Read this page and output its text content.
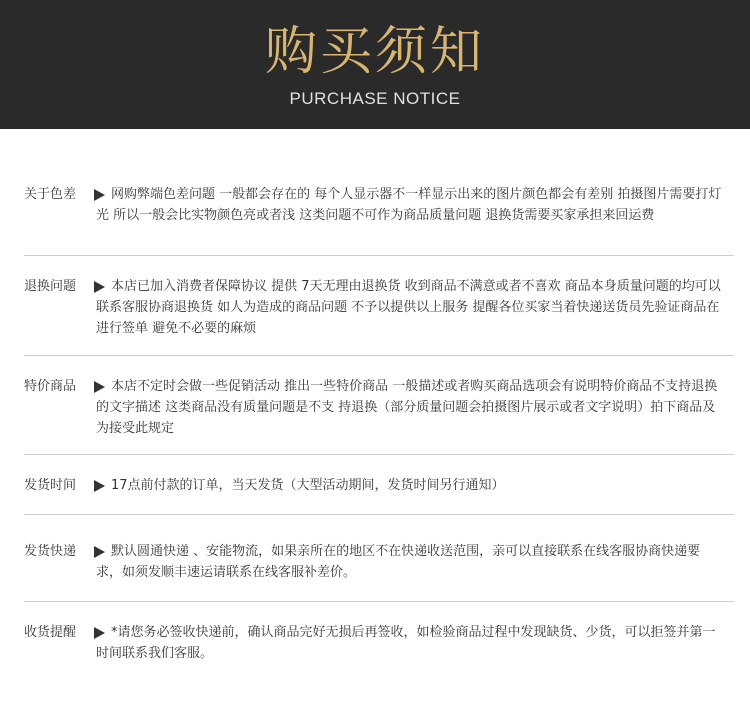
购买须知
PURCHASE NOTICE
关于色差	网购弊端色差问题 一般都会存在的 每个人显示器不一样显示出来的图片颜色都会有差别 拍摄图片需要打灯光 所以一般会比实物颜色亮或者浅 这类问题不可作为商品质量问题 退换货需要买家承担来回运费

退换问题	本店已加入消费者保障协议 提供 7天无理由退换货 收到商品不满意或者不喜欢 商品本身质量问题的均可以联系客服协商退换货 如人为造成的商品问题 不予以提供以上服务 提醒各位买家当着快递送货员先验证商品在进行签单 避免不必要的麻烦

特价商品	本店不定时会做一些促销活动 推出一些特价商品 一般描述或者购买商品选项会有说明特价商品不支持退换的文字描述 这类商品没有质量问题是不支 持退换（部分质量问题会拍摄图片展示或者文字说明）拍下商品及为接受此规定

发货时间	17点前付款的订单，当天发货（大型活动期间，发货时间另行通知）

发货快递	默认圆通快递 、安能物流，如果亲所在的地区不在快递收送范围，亲可以直接联系在线客服协商快递要求，如须发顺丰速运请联系在线客服补差价。

收货提醒	*请您务必签收快递前，确认商品完好无损后再签收，如检验商品过程中发现缺货、少货，可以拒签并第一时间联系我们客服。
